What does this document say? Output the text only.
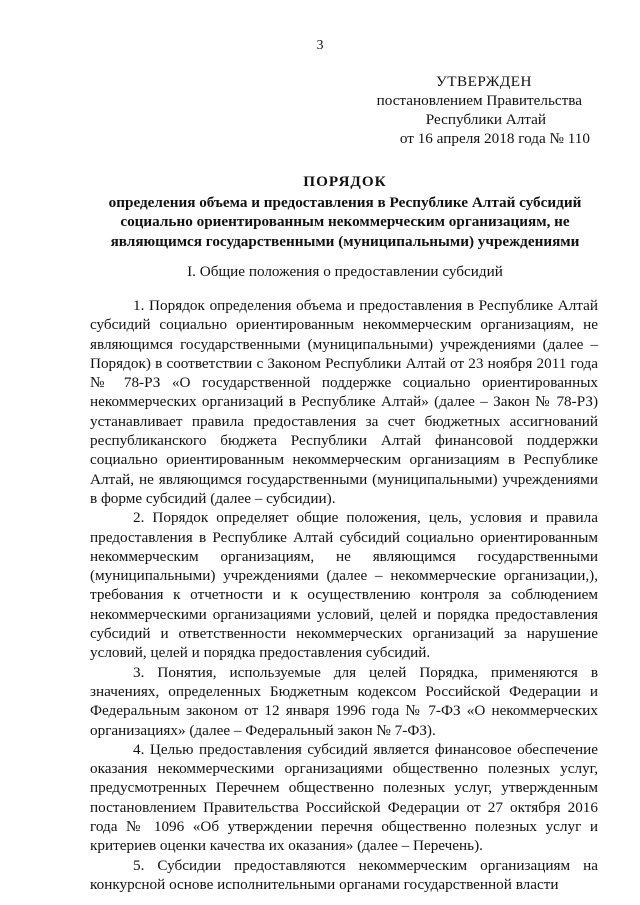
3
УТВЕРЖДЕН
постановлением Правительства
Республики Алтай
от 16 апреля 2018 года № 110
ПОРЯДОК
определения объема и предоставления в Республике Алтай субсидий
социально ориентированным некоммерческим организациям, не
являющимся государственными (муниципальными) учреждениями
I. Общие положения о предоставлении субсидий

1. Порядок определения объема и предоставления в Республике Алтай субсидий социально ориентированным некоммерческим организациям, не являющимся государственными (муниципальными) учреждениями (далее – Порядок) в соответствии с Законом Республики Алтай от 23 ноября 2011 года № 78-РЗ «О государственной поддержке социально ориентированных некоммерческих организаций в Республике Алтай» (далее – Закон № 78-РЗ) устанавливает правила предоставления за счет бюджетных ассигнований республиканского бюджета Республики Алтай финансовой поддержки социально ориентированным некоммерческим организациям в Республике Алтай, не являющимся государственными (муниципальными) учреждениями в форме субсидий (далее – субсидии).

2. Порядок определяет общие положения, цель, условия и правила предоставления в Республике Алтай субсидий социально ориентированным некоммерческим организациям, не являющимся государственными (муниципальными) учреждениями (далее – некоммерческие организации,), требования к отчетности и к осуществлению контроля за соблюдением некоммерческими организациями условий, целей и порядка предоставления субсидий и ответственности некоммерческих организаций за нарушение условий, целей и порядка предоставления субсидий.

3. Понятия, используемые для целей Порядка, применяются в значениях, определенных Бюджетным кодексом Российской Федерации и Федеральным законом от 12 января 1996 года № 7-ФЗ «О некоммерческих организациях» (далее – Федеральный закон № 7-ФЗ).

4. Целью предоставления субсидий является финансовое обеспечение оказания некоммерческими организациями общественно полезных услуг, предусмотренных Перечнем общественно полезных услуг, утвержденным постановлением Правительства Российской Федерации от 27 октября 2016 года № 1096 «Об утверждении перечня общественно полезных услуг и критериев оценки качества их оказания» (далее – Перечень).

5. Субсидии предоставляются некоммерческим организациям на конкурсной основе исполнительными органами государственной власти
